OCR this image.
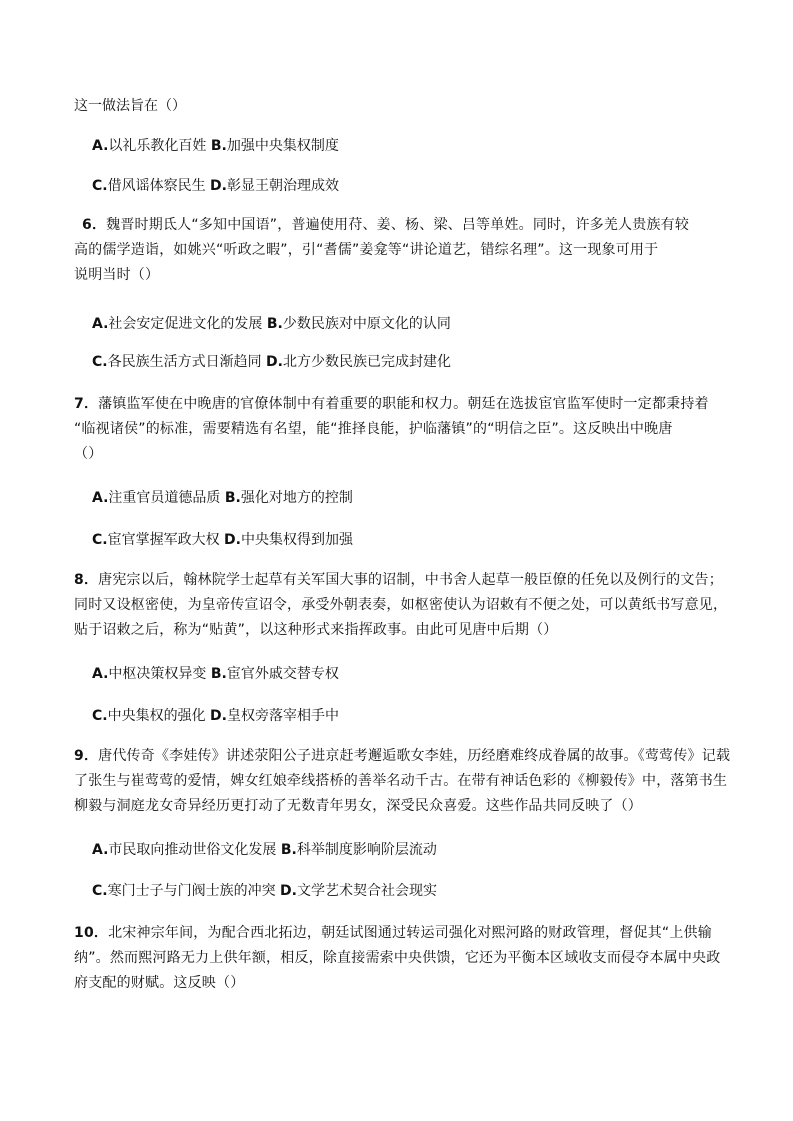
这一做法旨在（）
A.以礼乐教化百姓 B.加强中央集权制度
C.借风谣体察民生 D.彰显王朝治理成效
6．魏晋时期氐人“多知中国语”，普遍使用苻、姜、杨、梁、吕等单姓。同时，许多羌人贵族有较
高的儒学造诣，如姚兴“听政之暇”，引“耆儒”姜龛等“讲论道艺，错综名理”。这一现象可用于
说明当时（）
A.社会安定促进文化的发展 B.少数民族对中原文化的认同
C.各民族生活方式日渐趋同 D.北方少数民族已完成封建化
7．藩镇监军使在中晚唐的官僚体制中有着重要的职能和权力。朝廷在选拔宦官监军使时一定都秉持着
“临视诸侯”的标准，需要精选有名望，能“推择良能，护临藩镇”的“明信之臣”。这反映出中晚唐
（）
A.注重官员道德品质 B.强化对地方的控制
C.宦官掌握军政大权 D.中央集权得到加强
8．唐宪宗以后，翰林院学士起草有关军国大事的诏制，中书舍人起草一般臣僚的任免以及例行的文告；
同时又设枢密使，为皇帝传宣诏令，承受外朝表奏，如枢密使认为诏敕有不便之处，可以黄纸书写意见，
贴于诏敕之后，称为“贴黄”，以这种形式来指挥政事。由此可见唐中后期（）
A.中枢决策权异变 B.宦官外戚交替专权
C.中央集权的强化 D.皇权旁落宰相手中
9．唐代传奇《李娃传》讲述荥阳公子进京赶考邂逅歌女李娃，历经磨难终成眷属的故事。《莺莺传》记载
了张生与崔莺莺的爱情，婢女红娘牵线搭桥的善举名动千古。在带有神话色彩的《柳毅传》中，落第书生
柳毅与洞庭龙女奇异经历更打动了无数青年男女，深受民众喜爱。这些作品共同反映了（）
A.市民取向推动世俗文化发展 B.科举制度影响阶层流动
C.寒门士子与门阀士族的冲突 D.文学艺术契合社会现实
10．北宋神宗年间，为配合西北拓边，朝廷试图通过转运司强化对熙河路的财政管理，督促其“上供输
纳”。然而熙河路无力上供年额，相反，除直接需索中央供馈，它还为平衡本区域收支而侵夺本属中央政
府支配的财赋。这反映（）
